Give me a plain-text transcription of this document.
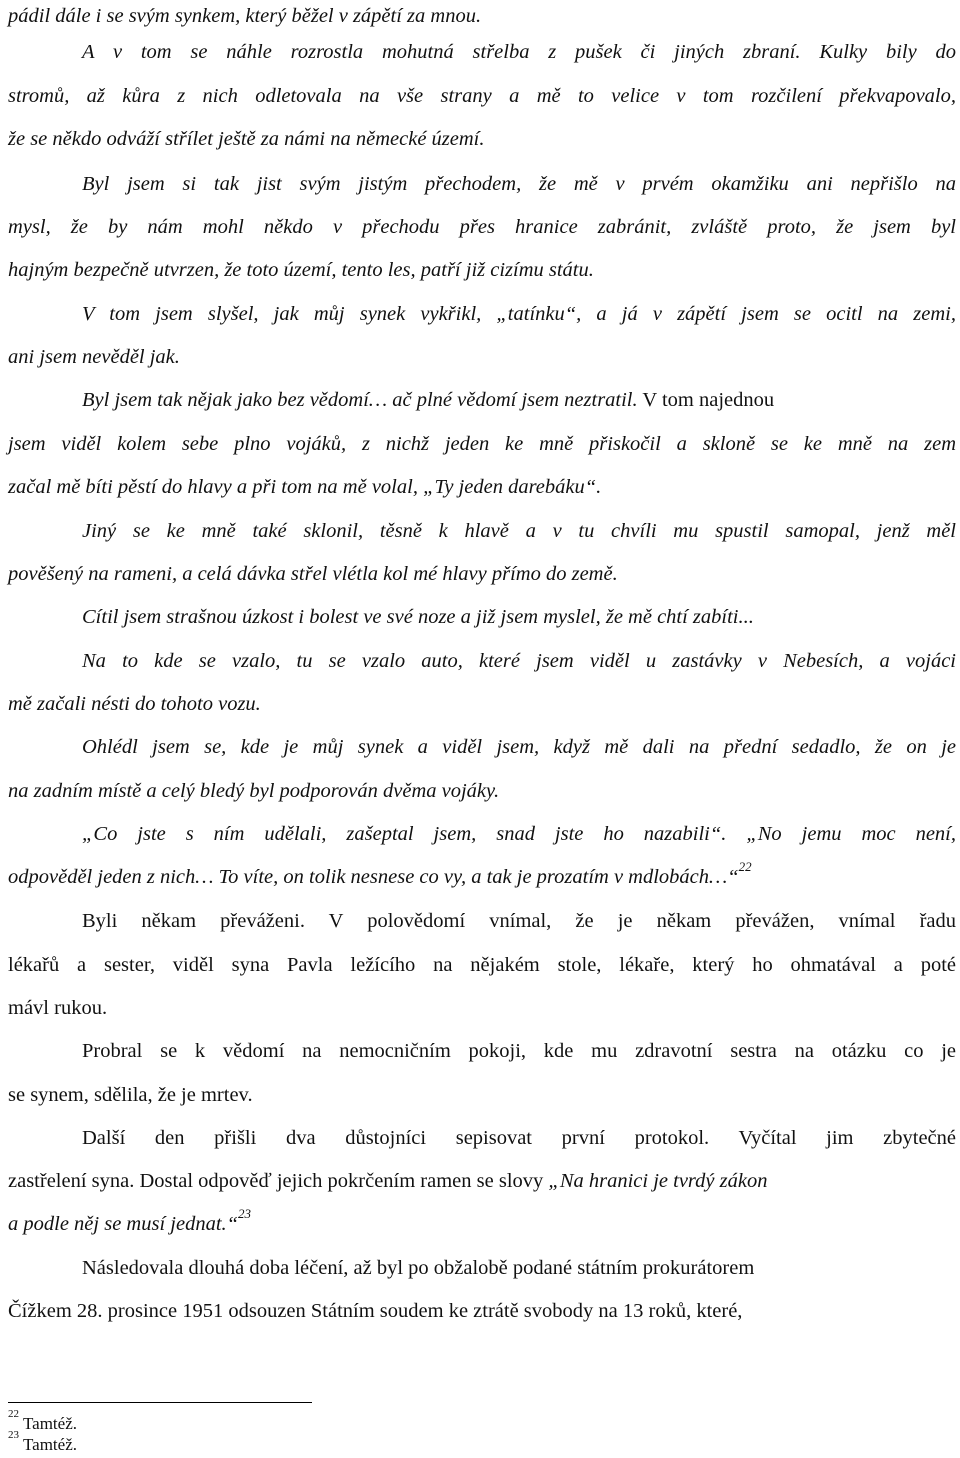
pádil dále i se svým synkem, který běžel v zápětí za mnou.
A v tom se náhle rozrostla mohutná střelba z pušek či jiných zbraní. Kulky bily do
stromů, až kůra z nich odletovala na vše strany a mě to velice v tom rozčilení překvapovalo,
že se někdo odváží střílet ještě za námi na německé území.
Byl jsem si tak jist svým jistým přechodem, že mě v prvém okamžiku ani nepřišlo na
mysl, že by nám mohl někdo v přechodu přes hranice zabránit, zvláště proto, že jsem byl
hajným bezpečně utvrzen, že toto území, tento les, patří již cizímu státu.
V tom jsem slyšel, jak můj synek vykřikl, „tatínku“, a já v zápětí jsem se ocitl na zemi,
ani jsem nevěděl jak.
Byl jsem tak nějak jako bez vědomí… ač plné vědomí jsem neztratil. V tom najednou
jsem viděl kolem sebe plno vojáků, z nichž jeden ke mně přiskočil a skloně se ke mně na zem
začal mě bíti pěstí do hlavy a při tom na mě volal, „Ty jeden darebáku“.
Jiný se ke mně také sklonil, těsně k hlavě a v tu chvíli mu spustil samopal, jenž měl
pověšený na rameni, a celá dávka střel vlétla kol mé hlavy přímo do země.
Cítil jsem strašnou úzkost i bolest ve své noze a již jsem myslel, že mě chtí zabíti...
Na to kde se vzalo, tu se vzalo auto, které jsem viděl u zastávky v Nebesích, a vojáci
mě začali nésti do tohoto vozu.
Ohlédl jsem se, kde je můj synek a viděl jsem, když mě dali na přední sedadlo, že on je
na zadním místě a celý bledý byl podporován dvěma vojáky.
„Co jste s ním udělali, zašeptal jsem, snad jste ho nazabili“. „No jemu moc není,
odpověděl jeden z nich… To víte, on tolik nesnese co vy, a tak je prozatím v mdlobách…“$^{22}$
Byli někam převáženi. V polovědomí vnímal, že je někam převážen, vnímal řadu
lékařů a sester, viděl syna Pavla ležícího na nějakém stole, lékaře, který ho ohmatával a poté
mávl rukou.
Probral se k vědomí na nemocničním pokoji, kde mu zdravotní sestra na otázku co je
se synem, sdělila, že je mrtev.
Další den přišli dva důstojníci sepisovat první protokol. Vyčítal jim zbytečné
zastřelení syna. Dostal odpověď jejich pokrčením ramen se slovy „Na hranici je tvrdý zákon
a podle něj se musí jednat.“$^{23}$
Následovala dlouhá doba léčení, až byl po obžalobě podané státním prokurátorem
Čížkem 28. prosince 1951 odsouzen Státním soudem ke ztrátě svobody na 13 roků, které,
$^{22}$ Tamtéž.
$^{23}$ Tamtéž.
